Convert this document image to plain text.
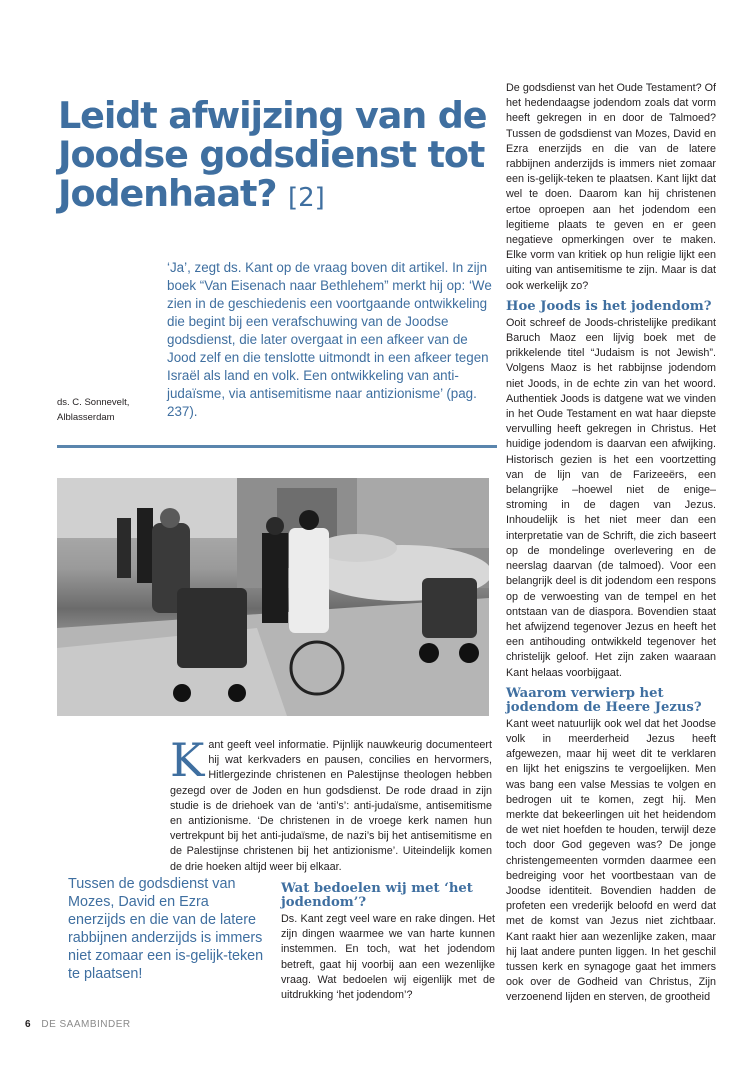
Leidt afwijzing van de Joodse godsdienst tot Jodenhaat? [2]

‘Ja’, zegt ds. Kant op de vraag boven dit artikel. In zijn boek “Van Eisenach naar Bethlehem” merkt hij op: ‘We zien in de geschiedenis een voortgaande ontwikkeling die begint bij een verafschuwing van de Joodse godsdienst, die later overgaat in een afkeer van de Jood zelf en die tenslotte uitmondt in een afkeer tegen Israël als land en volk. Een ontwikkeling van anti-judaïsme, via antisemitisme naar antizionisme’ (pag. 237).

ds. C. Sonnevelt, Alblasserdam

K ant geeft veel informatie. Pijnlijk nauwkeurig documenteert hij wat kerkvaders en pausen, concilies en hervormers, Hitlergezinde christenen en Palestijnse theologen hebben gezegd over de Joden en hun godsdienst. De rode draad in zijn studie is de driehoek van de ‘anti’s’: anti-judaïsme, antisemitisme en antizionisme. ‘De christenen in de vroege kerk namen hun vertrekpunt bij het anti-judaïsme, de nazi’s bij het antisemitisme en de Palestijnse christenen bij het antizionisme’. Uiteindelijk komen de drie hoeken altijd weer bij elkaar.

Tussen de godsdienst van Mozes, David en Ezra enerzijds en die van de latere rabbijnen anderzijds is immers niet zomaar een is-gelijk-teken te plaatsen!

Wat bedoelen wij met ‘het jodendom’?

Ds. Kant zegt veel ware en rake dingen. Het zijn dingen waarmee we van harte kunnen instemmen. En toch, wat het jodendom betreft, gaat hij voorbij aan een wezenlijke vraag. Wat bedoelen wij eigenlijk met de uitdrukking ‘het jodendom’?

De godsdienst van het Oude Testament? Of het hedendaagse jodendom zoals dat vorm heeft gekregen in en door de Talmoed? Tussen de godsdienst van Mozes, David en Ezra enerzijds en die van de latere rabbijnen anderzijds is immers niet zomaar een is-gelijk-teken te plaatsen. Kant lijkt dat wel te doen. Daarom kan hij christenen ertoe oproepen aan het jodendom een legitieme plaats te geven en er geen negatieve opmerkingen over te maken. Elke vorm van kritiek op hun religie lijkt een uiting van antisemitisme te zijn. Maar is dat ook werkelijk zo?

Hoe Joods is het jodendom?

Ooit schreef de Joods-christelijke predikant Baruch Maoz een lijvig boek met de prikkelende titel “Judaism is not Jewish”. Volgens Maoz is het rabbijnse jodendom niet Joods, in de echte zin van het woord. Authentiek Joods is datgene wat we vinden in het Oude Testament en wat haar diepste vervulling heeft gekregen in Christus. Het huidige jodendom is daarvan een afwijking. Historisch gezien is het een voortzetting van de lijn van de Farizeeërs, een belangrijke –hoewel niet de enige– stroming in de dagen van Jezus. Inhoudelijk is het niet meer dan een interpretatie van de Schrift, die zich baseert op de mondelinge overlevering en de neerslag daarvan (de talmoed). Voor een belangrijk deel is dit jodendom een respons op de verwoesting van de tempel en het ontstaan van de diaspora. Bovendien staat het afwijzend tegenover Jezus en heeft het een antihouding ontwikkeld tegenover het christelijk geloof. Het zijn zaken waaraan Kant helaas voorbijgaat.

Waarom verwierp het jodendom de Heere Jezus?

Kant weet natuurlijk ook wel dat het Joodse volk in meerderheid Jezus heeft afgewezen, maar hij weet dit te verklaren en lijkt het enigszins te vergoelijken. Men was bang een valse Messias te volgen en bedrogen uit te komen, zegt hij. Men merkte dat bekeerlingen uit het heidendom de wet niet hoefden te houden, terwijl deze toch door God gegeven was? De jonge christengemeenten vormden daarmee een bedreiging voor het voortbestaan van de Joodse identiteit. Bovendien hadden de profeten een vrederijk beloofd en werd dat met de komst van Jezus niet zichtbaar. Kant raakt hier aan wezenlijke zaken, maar hij laat andere punten liggen. In het geschil tussen kerk en synagoge gaat het immers ook over de Godheid van Christus, Zijn verzoenend lijden en sterven, de grootheid

6 DE SAAMBINDER
